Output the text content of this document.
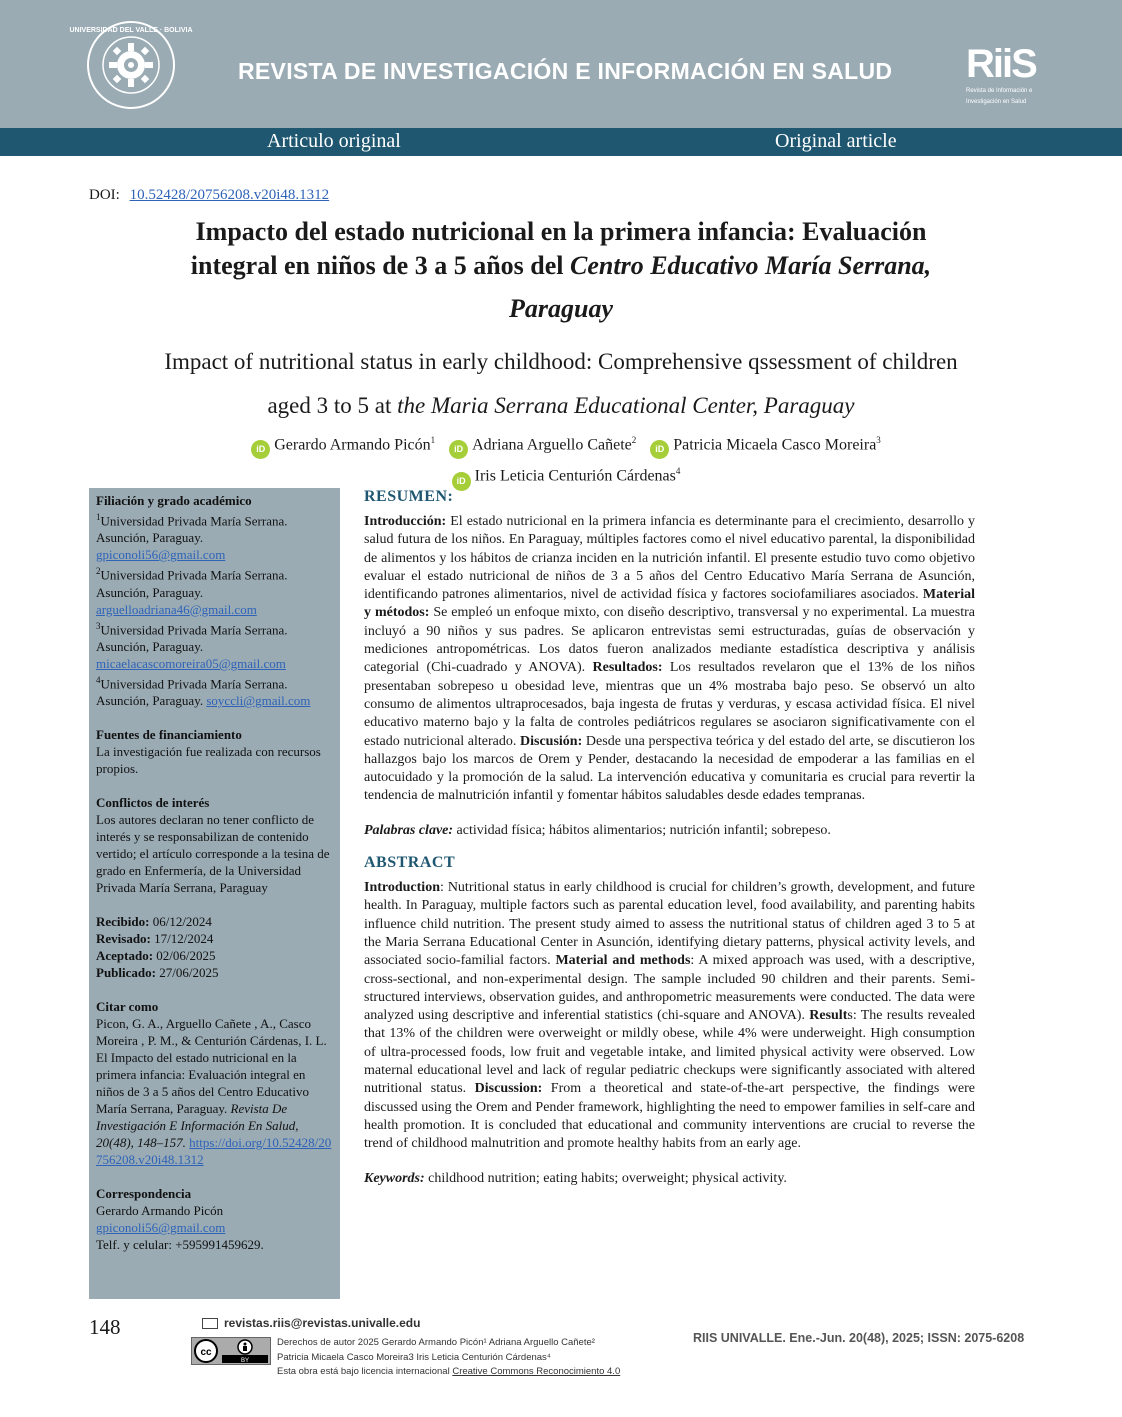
UNIVERSIDAD DEL VALLE · BOLIVIA
REVISTA DE INVESTIGACIÓN E INFORMACIÓN EN SALUD RiiS
Revista de Información e
Investigación en Salud
Articulo original	Original article
DOI: 10.52428/20756208.v20i48.1312
Impacto del estado nutricional en la primera infancia: Evaluación
integral en niños de 3 a 5 años del Centro Educativo María Serrana,
Paraguay
Impact of nutritional status in early childhood: Comprehensive qssessment of children
aged 3 to 5 at the Maria Serrana Educational Center, Paraguay
iD Gerardo Armando Picón$^1$ iD Adriana Arguello Cañete$^2$ iD Patricia Micaela Casco Moreira$^3$
iD Iris Leticia Centurión Cárdenas$^4$
Filiación y grado académico
$^1$Universidad Privada María Serrana. Asunción, Paraguay. gpiconoli56@gmail.com
$^2$Universidad Privada María Serrana. Asunción, Paraguay.
arguelloadriana46@gmail.com
$^3$Universidad Privada María Serrana. Asunción, Paraguay.
micaelacascomoreira05@gmail.com
$^4$Universidad Privada María Serrana. Asunción, Paraguay. soyccli@gmail.com
Fuentes de financiamiento
La investigación fue realizada con recursos propios.
Conflictos de interés
Los autores declaran no tener conflicto de interés y se responsabilizan de contenido vertido; el artículo corresponde a la tesina de grado en Enfermería, de la Universidad Privada María Serrana, Paraguay
Recibido: 06/12/2024
Revisado: 17/12/2024
Aceptado: 02/06/2025
Publicado: 27/06/2025
Citar como
Picon, G. A., Arguello Cañete , A., Casco Moreira , P. M., & Centurión Cárdenas, I. L. El Impacto del estado nutricional en la primera infancia: Evaluación integral en niños de 3 a 5 años del Centro Educativo María Serrana, Paraguay. Revista De Investigación E Información En Salud, 20(48), 148–157. https://doi.org/10.52428/20756208.v20i48.1312
Correspondencia
Gerardo Armando Picón
gpiconoli56@gmail.com
Telf. y celular: +595991459629.
RESUMEN:

Introducción: El estado nutricional en la primera infancia es determinante para el crecimiento, desarrollo y salud futura de los niños. En Paraguay, múltiples factores como el nivel educativo parental, la disponibilidad de alimentos y los hábitos de crianza inciden en la nutrición infantil. El presente estudio tuvo como objetivo evaluar el estado nutricional de niños de 3 a 5 años del Centro Educativo María Serrana de Asunción, identificando patrones alimentarios, nivel de actividad física y factores sociofamiliares asociados. Material y métodos: Se empleó un enfoque mixto, con diseño descriptivo, transversal y no experimental. La muestra incluyó a 90 niños y sus padres. Se aplicaron entrevistas semi estructuradas, guías de observación y mediciones antropométricas. Los datos fueron analizados mediante estadística descriptiva y análisis categorial (Chi-cuadrado y ANOVA). Resultados: Los resultados revelaron que el 13% de los niños presentaban sobrepeso u obesidad leve, mientras que un 4% mostraba bajo peso. Se observó un alto consumo de alimentos ultraprocesados, baja ingesta de frutas y verduras, y escasa actividad física. El nivel educativo materno bajo y la falta de controles pediátricos regulares se asociaron significativamente con el estado nutricional alterado. Discusión: Desde una perspectiva teórica y del estado del arte, se discutieron los hallazgos bajo los marcos de Orem y Pender, destacando la necesidad de empoderar a las familias en el autocuidado y la promoción de la salud. La intervención educativa y comunitaria es crucial para revertir la tendencia de malnutrición infantil y fomentar hábitos saludables desde edades tempranas.

Palabras clave: actividad física; hábitos alimentarios; nutrición infantil; sobrepeso.

ABSTRACT

Introduction: Nutritional status in early childhood is crucial for children’s growth, development, and future health. In Paraguay, multiple factors such as parental education level, food availability, and parenting habits influence child nutrition. The present study aimed to assess the nutritional status of children aged 3 to 5 at the Maria Serrana Educational Center in Asunción, identifying dietary patterns, physical activity levels, and associated socio-familial factors. Material and methods: A mixed approach was used, with a descriptive, cross-sectional, and non-experimental design. The sample included 90 children and their parents. Semi-structured interviews, observation guides, and anthropometric measurements were conducted. The data were analyzed using descriptive and inferential statistics (chi-square and ANOVA). Results: The results revealed that 13% of the children were overweight or mildly obese, while 4% were underweight. High consumption of ultra-processed foods, low fruit and vegetable intake, and limited physical activity were observed. Low maternal educational level and lack of regular pediatric checkups were significantly associated with altered nutritional status. Discussion: From a theoretical and state-of-the-art perspective, the findings were discussed using the Orem and Pender framework, highlighting the need to empower families in self-care and health promotion. It is concluded that educational and community interventions are crucial to reverse the trend of childhood malnutrition and promote healthy habits from an early age.

Keywords: childhood nutrition; eating habits; overweight; physical activity.

148	revistas.riis@revistas.univalle.edu
cc
BY
Derechos de autor 2025 Gerardo Armando Picón¹ Adriana Arguello Cañete²
Patricia Micaela Casco Moreira3 Iris Leticia Centurión Cárdenas⁴
Esta obra está bajo licencia internacional Creative Commons Reconocimiento 4.0
RIIS UNIVALLE. Ene.-Jun. 20(48), 2025; ISSN: 2075-6208
